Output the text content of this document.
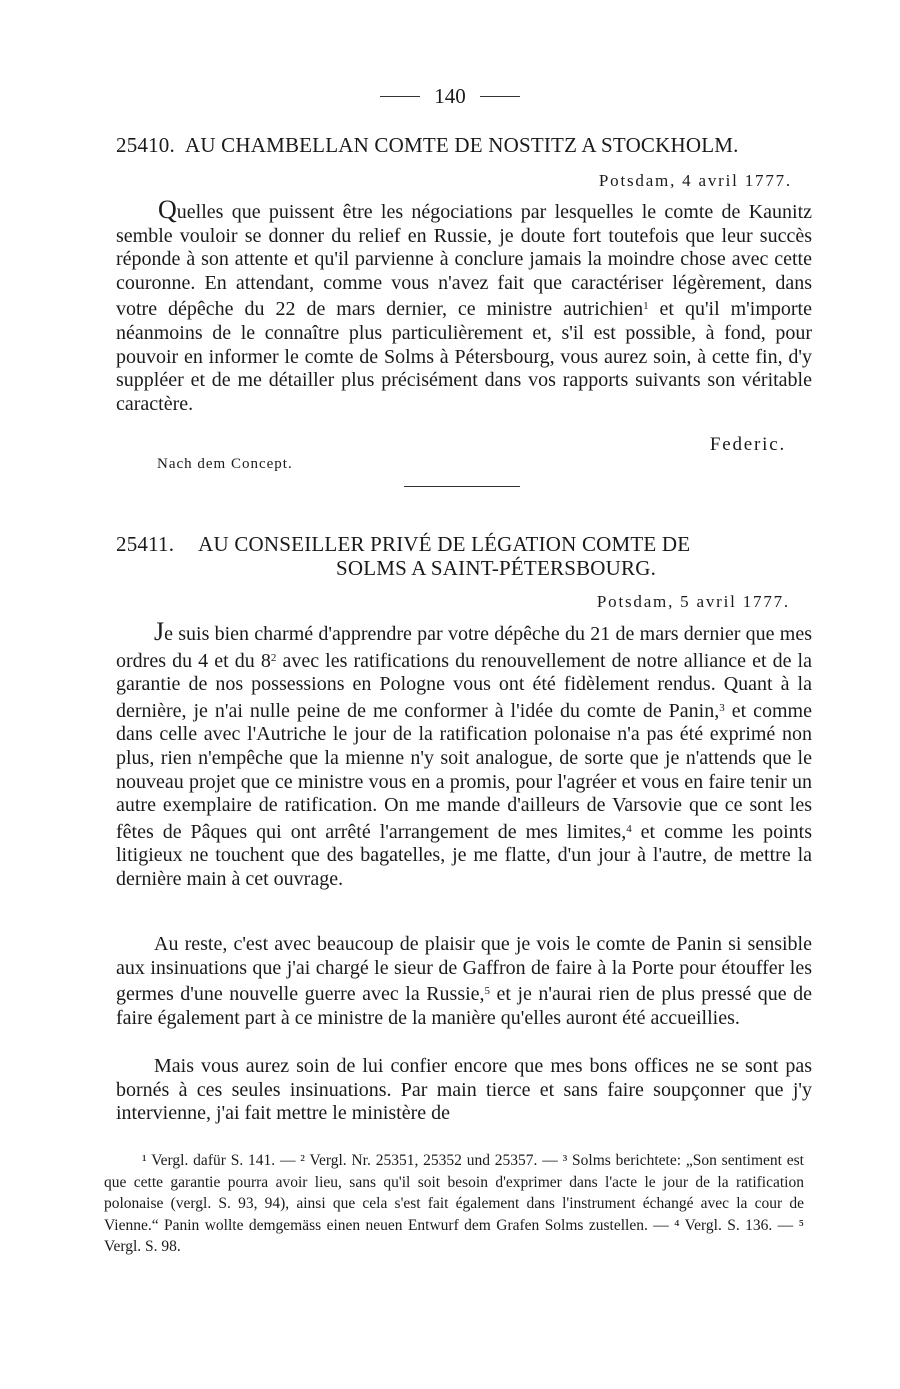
140
25410. AU CHAMBELLAN COMTE DE NOSTITZ A STOCKHOLM.
Potsdam, 4 avril 1777.
Quelles que puissent être les négociations par lesquelles le comte de Kaunitz semble vouloir se donner du relief en Russie, je doute fort toutefois que leur succès réponde à son attente et qu'il parvienne à conclure jamais la moindre chose avec cette couronne. En attendant, comme vous n'avez fait que caractériser légèrement, dans votre dépêche du 22 de mars dernier, ce ministre autrichien$^1$ et qu'il m'importe néanmoins de le connaître plus particulièrement et, s'il est possible, à fond, pour pouvoir en informer le comte de Solms à Pétersbourg, vous aurez soin, à cette fin, d'y suppléer et de me détailler plus précisément dans vos rapports suivants son véritable caractère.
Federic.
Nach dem Concept.
25411. AU CONSEILLER PRIVÉ DE LÉGATION COMTE DE
SOLMS A SAINT-PÉTERSBOURG.
Potsdam, 5 avril 1777.
Je suis bien charmé d'apprendre par votre dépêche du 21 de mars dernier que mes ordres du 4 et du $8^2$ avec les ratifications du renouvellement de notre alliance et de la garantie de nos possessions en Pologne vous ont été fidèlement rendus. Quant à la dernière, je n'ai nulle peine de me conformer à l'idée du comte de Panin,$^3$ et comme dans celle avec l'Autriche le jour de la ratification polonaise n'a pas été exprimé non plus, rien n'empêche que la mienne n'y soit analogue, de sorte que je n'attends que le nouveau projet que ce ministre vous en a promis, pour l'agréer et vous en faire tenir un autre exemplaire de ratification. On me mande d'ailleurs de Varsovie que ce sont les fêtes de Pâques qui ont arrêté l'arrangement de mes limites,$^4$ et comme les points litigieux ne touchent que des bagatelles, je me flatte, d'un jour à l'autre, de mettre la dernière main à cet ouvrage.
Au reste, c'est avec beaucoup de plaisir que je vois le comte de Panin si sensible aux insinuations que j'ai chargé le sieur de Gaffron de faire à la Porte pour étouffer les germes d'une nouvelle guerre avec la Russie,$^5$ et je n'aurai rien de plus pressé que de faire également part à ce ministre de la manière qu'elles auront été accueillies.
Mais vous aurez soin de lui confier encore que mes bons offices ne se sont pas bornés à ces seules insinuations. Par main tierce et sans faire soupçonner que j'y intervienne, j'ai fait mettre le ministère de
¹ Vergl. dafür S. 141. — ² Vergl. Nr. 25351, 25352 und 25357. — ³ Solms berichtete: „Son sentiment est que cette garantie pourra avoir lieu, sans qu'il soit besoin d'exprimer dans l'acte le jour de la ratification polonaise (vergl. S. 93, 94), ainsi que cela s'est fait également dans l'instrument échangé avec la cour de Vienne.“ Panin wollte demgemäss einen neuen Entwurf dem Grafen Solms zustellen. — ⁴ Vergl. S. 136. — ⁵ Vergl. S. 98.
